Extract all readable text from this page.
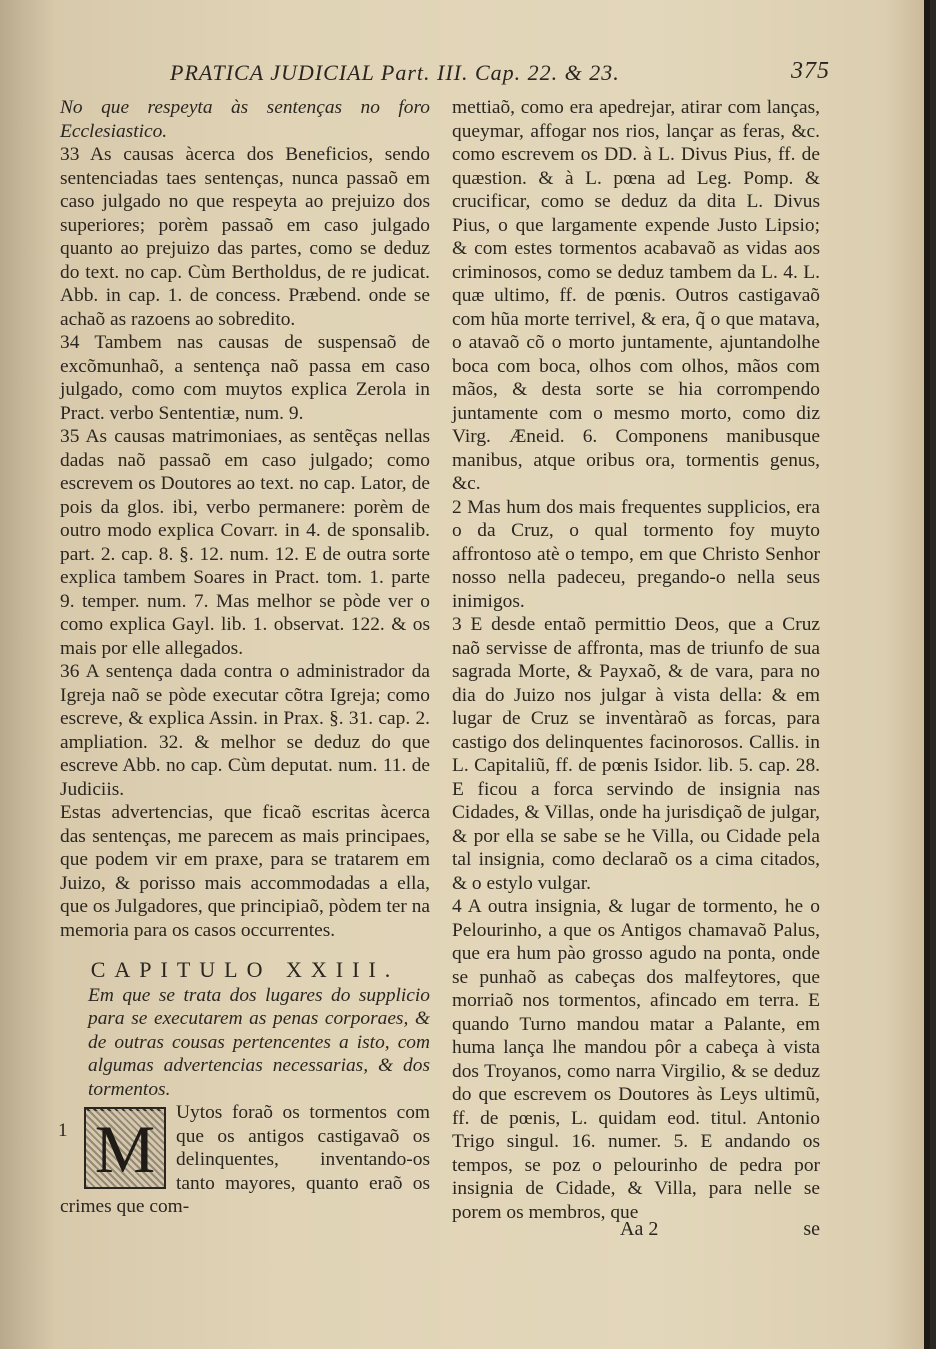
PRATICA JUDICIAL Part. III. Cap. 22. & 23.	375

No que respeyta às sentenças no foro Ecclesiastico.

33 As causas àcerca dos Beneficios, sendo sentenciadas taes sentenças, nunca passaõ em caso julgado no que respeyta ao prejuizo dos superiores; porèm passaõ em caso julgado quanto ao prejuizo das partes, como se deduz do text. no cap. Cùm Bertholdus, de re judicat. Abb. in cap. 1. de concess. Præbend. onde se achaõ as razoens ao sobredito.

34 Tambem nas causas de suspensaõ de excõmunhaõ, a sentença naõ passa em caso julgado, como com muytos explica Zerola in Pract. verbo Sententiæ, num. 9.

35 As causas matrimoniaes, as sentẽças nellas dadas naõ passaõ em caso julgado; como escrevem os Doutores ao text. no cap. Lator, de pois da glos. ibi, verbo permanere: porèm de outro modo explica Covarr. in 4. de sponsalib. part. 2. cap. 8. §. 12. num. 12. E de outra sorte explica tambem Soares in Pract. tom. 1. parte 9. temper. num. 7. Mas melhor se pòde ver o como explica Gayl. lib. 1. observat. 122. & os mais por elle allegados.

36 A sentença dada contra o administrador da Igreja naõ se pòde executar cõtra Igreja; como escreve, & explica Assin. in Prax. §. 31. cap. 2. ampliation. 32. & melhor se deduz do que escreve Abb. no cap. Cùm deputat. num. 11. de Judiciis.

Estas advertencias, que ficaõ escritas àcerca das sentenças, me parecem as mais principaes, que podem vir em praxe, para se tratarem em Juizo, & porisso mais accommodadas a ella, que os Julgadores, que principiaõ, pòdem ter na memoria para os casos occurrentes.

CAPITULO XXIII.

Em que se trata dos lugares do supplicio para se executarem as penas corporaes, & de outras cousas pertencentes a isto, com algumas advertencias necessarias, & dos tormentos.

1 M	Uytos foraõ os tormentos com que os antigos castigavaõ os delinquentes, inventando-os tanto mayores, quanto eraõ os crimes que com-

mettiaõ, como era apedrejar, atirar com lanças, queymar, affogar nos rios, lançar as feras, &c. como escrevem os DD. à L. Divus Pius, ff. de quæstion. & à L. pœna ad Leg. Pomp. & crucificar, como se deduz da dita L. Divus Pius, o que largamente expende Justo Lipsio; & com estes tormentos acabavaõ as vidas aos criminosos, como se deduz tambem da L. 4. L. quæ ultimo, ff. de pœnis. Outros castigavaõ com hũa morte terrivel, & era, q̃ o que matava, o atavaõ cõ o morto juntamente, ajuntandolhe boca com boca, olhos com olhos, mãos com mãos, & desta sorte se hia corrompendo juntamente com o mesmo morto, como diz Virg. Æneid. 6. Componens manibusque manibus, atque oribus ora, tormentis genus, &c.

2 Mas hum dos mais frequentes supplicios, era o da Cruz, o qual tormento foy muyto affrontoso atè o tempo, em que Christo Senhor nosso nella padeceu, pregando-o nella seus inimigos.

3 E desde entaõ permittio Deos, que a Cruz naõ servisse de affronta, mas de triunfo de sua sagrada Morte, & Payxaõ, & de vara, para no dia do Juizo nos julgar à vista della: & em lugar de Cruz se inventàraõ as forcas, para castigo dos delinquentes facinorosos. Callis. in L. Capitaliũ, ff. de pœnis Isidor. lib. 5. cap. 28. E ficou a forca servindo de insignia nas Cidades, & Villas, onde ha jurisdiçaõ de julgar, & por ella se sabe se he Villa, ou Cidade pela tal insignia, como declaraõ os a cima citados, & o estylo vulgar.

4 A outra insignia, & lugar de tormento, he o Pelourinho, a que os Antigos chamavaõ Palus, que era hum pào grosso agudo na ponta, onde se punhaõ as cabeças dos malfeytores, que morriaõ nos tormentos, afincado em terra. E quando Turno mandou matar a Palante, em huma lança lhe mandou pôr a cabeça à vista dos Troyanos, como narra Virgilio, & se deduz do que escrevem os Doutores às Leys ultimũ, ff. de pœnis, L. quidam eod. titul. Antonio Trigo singul. 16. numer. 5. E andando os tempos, se poz o pelourinho de pedra por insignia de Cidade, & Villa, para nelle se porem os membros, que

Aa 2	se
